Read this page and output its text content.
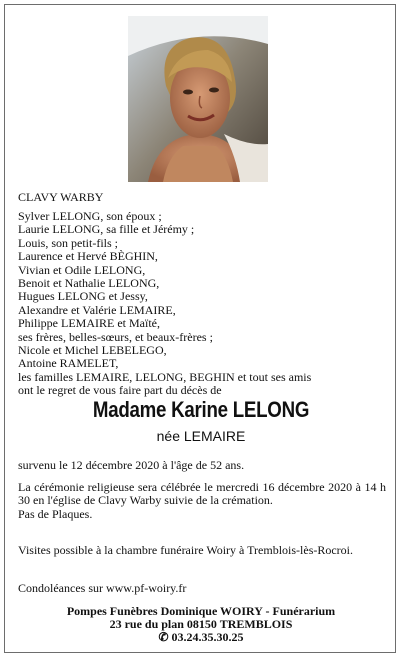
CLAVY WARBY
Sylver LELONG, son époux ;
Laurie LELONG, sa fille et Jérémy ;
Louis, son petit-fils ;
Laurence et Hervé BÈGHIN,
Vivian et Odile LELONG,
Benoit et Nathalie LELONG,
Hugues LELONG et Jessy,
Alexandre et Valérie LEMAIRE,
Philippe LEMAIRE et Maïté,
ses frères, belles-sœurs, et beaux-frères ;
Nicole et Michel LEBELEGO,
Antoine RAMELET,
les familles LEMAIRE, LELONG, BEGHIN et tout ses amis
ont le regret de vous faire part du décès de
Madame Karine LELONG
née LEMAIRE
survenu le 12 décembre 2020 à l'âge de 52 ans.
La cérémonie religieuse sera célébrée le mercredi 16 décembre 2020 à 14 h 30 en l'église de Clavy Warby suivie de la crémation.
Pas de Plaques.
Visites possible à la chambre funéraire Woiry à Tremblois-lès-Rocroi.
Condoléances sur www.pf-woiry.fr
Pompes Funèbres Dominique WOIRY - Funérarium
23 rue du plan 08150 TREMBLOIS
✆ 03.24.35.30.25
